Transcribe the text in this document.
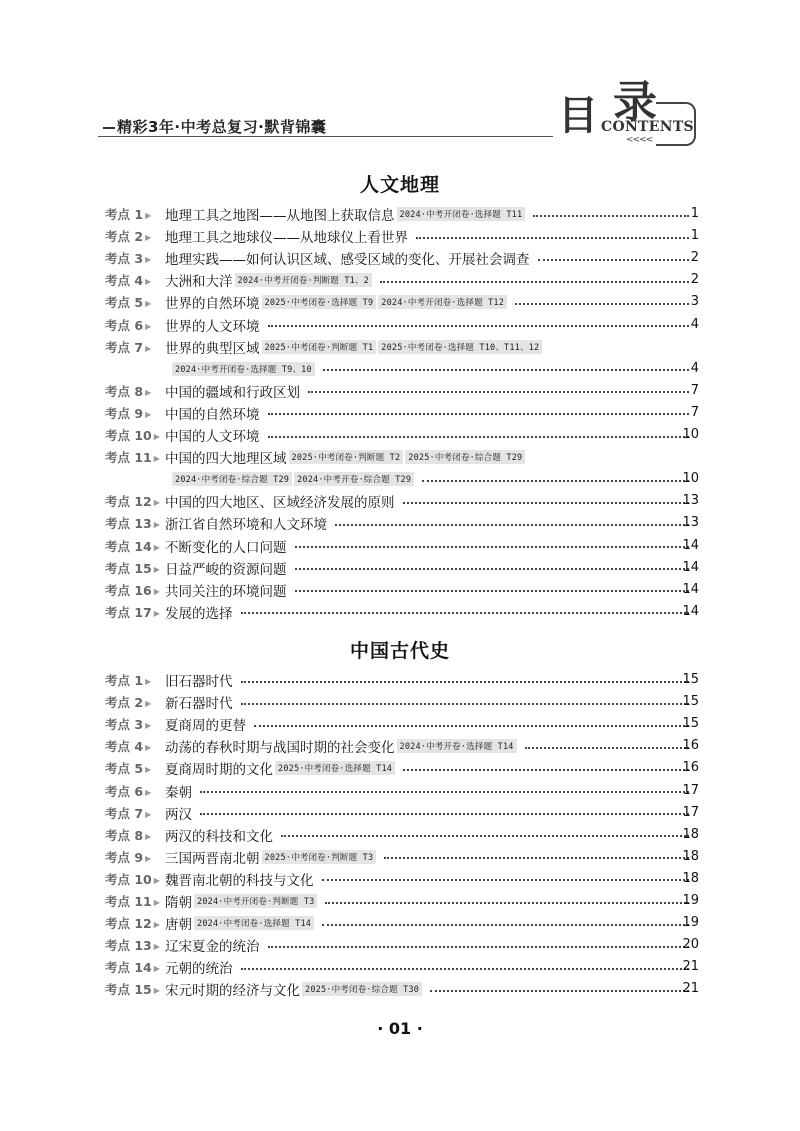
精彩3年·中考总复习·默背锦囊	目 录
CONTENTS
<<<<
人文地理
考点 1 ▶ 地理工具之地图——从地图上获取信息 2024·中考开闭卷·选择题 T11	1
考点 2 ▶ 地理工具之地球仪——从地球仪上看世界	1
考点 3 ▶ 地理实践——如何认识区域、感受区域的变化、开展社会调查	2
考点 4 ▶ 大洲和大洋 2024·中考开闭卷·判断题 T1、2	2
考点 5 ▶ 世界的自然环境 2025·中考闭卷·选择题 T9 2024·中考开闭卷·选择题 T12	3
考点 6 ▶ 世界的人文环境	4
考点 7 ▶ 世界的典型区域 2025·中考闭卷·判断题 T1 2025·中考闭卷·选择题 T10、T11、12
2024·中考开闭卷·选择题 T9、10	4
考点 8 ▶ 中国的疆域和行政区划	7
考点 9 ▶ 中国的自然环境	7
考点 10 ▶ 中国的人文环境	10
考点 11 ▶ 中国的四大地理区域 2025·中考闭卷·判断题 T2 2025·中考闭卷·综合题 T29
2024·中考闭卷·综合题 T29 2024·中考开卷·综合题 T29	10
考点 12 ▶ 中国的四大地区、区域经济发展的原则	13
考点 13 ▶ 浙江省自然环境和人文环境	13
考点 14 ▶ 不断变化的人口问题	14
考点 15 ▶ 日益严峻的资源问题	14
考点 16 ▶ 共同关注的环境问题	14
考点 17 ▶ 发展的选择	14
中国古代史
考点 1 ▶ 旧石器时代	15
考点 2 ▶ 新石器时代	15
考点 3 ▶ 夏商周的更替	15
考点 4 ▶ 动荡的春秋时期与战国时期的社会变化 2024·中考开卷·选择题 T14	16
考点 5 ▶ 夏商周时期的文化 2025·中考闭卷·选择题 T14	16
考点 6 ▶ 秦朝	17
考点 7 ▶ 两汉	17
考点 8 ▶ 两汉的科技和文化	18
考点 9 ▶ 三国两晋南北朝 2025·中考闭卷·判断题 T3	18
考点 10 ▶ 魏晋南北朝的科技与文化	18
考点 11 ▶ 隋朝 2024·中考开闭卷·判断题 T3	19
考点 12 ▶ 唐朝 2024·中考闭卷·选择题 T14	19
考点 13 ▶ 辽宋夏金的统治	20
考点 14 ▶ 元朝的统治	21
考点 15 ▶ 宋元时期的经济与文化 2025·中考闭卷·综合题 T30	21
· 01 ·
